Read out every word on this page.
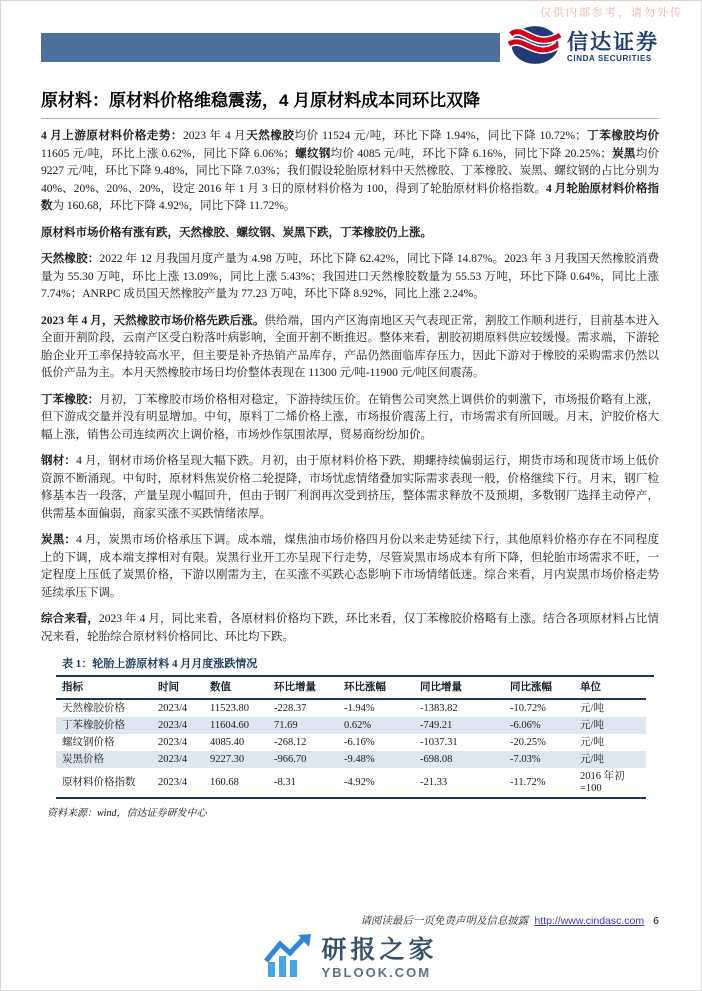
仅供内部参考，请勿外传
信达证券
CINDA SECURITIES
原材料：原材料价格维稳震荡，4 月原材料成本同环比双降

4 月上游原材料价格走势：2023 年 4 月天然橡胶均价 11524 元/吨，环比下降 1.94%，同比下降 10.72%；丁苯橡胶均价 11605 元/吨，环比上涨 0.62%，同比下降 6.06%；螺纹钢均价 4085 元/吨，环比下降 6.16%，同比下降 20.25%；炭黑均价 9227 元/吨，环比下降 9.48%，同比下降 7.03%；我们假设轮胎原材料中天然橡胶、丁苯橡胶、炭黑、螺纹钢的占比分别为 40%、20%、20%、20%，设定 2016 年 1 月 3 日的原材料价格为 100，得到了轮胎原材料价格指数。4 月轮胎原材料价格指数为 160.68，环比下降 4.92%，同比下降 11.72%。

原材料市场价格有涨有跌，天然橡胶、螺纹钢、炭黑下跌，丁苯橡胶仍上涨。

天然橡胶：2022 年 12 月我国月度产量为 4.98 万吨，环比下降 62.42%，同比下降 14.87%。2023 年 3 月我国天然橡胶消费量为 55.30 万吨，环比上涨 13.09%，同比上涨 5.43%；我国进口天然橡胶数量为 55.53 万吨，环比下降 0.64%，同比上涨 7.74%；ANRPC 成员国天然橡胶产量为 77.23 万吨，环比下降 8.92%，同比上涨 2.24%。

2023 年 4 月，天然橡胶市场价格先跌后涨。供给端，国内产区海南地区天气表现正常，割胶工作顺利进行，目前基本进入全面开割阶段，云南产区受白粉落叶病影响，全面开割不断推迟。整体来看，割胶初期原料供应较缓慢。需求端，下游轮胎企业开工率保持较高水平，但主要是补齐热销产品库存，产品仍然面临库存压力，因此下游对于橡胶的采购需求仍然以低价产品为主。本月天然橡胶市场日均价整体表现在 11300 元/吨-11900 元/吨区间震荡。

丁苯橡胶：月初，丁苯橡胶市场价格相对稳定，下游持续压价。在销售公司突然上调供价的刺激下，市场报价略有上涨，但下游成交量并没有明显增加。中旬，原料丁二烯价格上涨，市场报价震荡上行，市场需求有所回暖。月末，沪胶价格大幅上涨，销售公司连续两次上调价格，市场炒作氛围浓厚，贸易商纷纷加价。

钢材：4 月，钢材市场价格呈现大幅下跌。月初，由于原材料价格下跌，期螺持续偏弱运行，期货市场和现货市场上低价资源不断涌现。中旬时，原材料焦炭价格二轮提降，市场忧虑情绪叠加实际需求表现一般，价格继续下行。月末，钢厂检修基本告一段落，产量呈现小幅回升，但由于钢厂利润再次受到挤压，整体需求释放不及预期，多数钢厂选择主动停产，供需基本面偏弱，商家买涨不买跌情绪浓厚。

炭黑：4 月，炭黑市场价格承压下调。成本端，煤焦油市场价格四月份以来走势延续下行，其他原料价格亦存在不同程度上的下调，成本端支撑相对有限。炭黑行业开工亦呈现下行走势，尽管炭黑市场成本有所下降，但轮胎市场需求不旺，一定程度上压低了炭黑价格，下游以刚需为主，在买涨不买跌心态影响下市场情绪低迷。综合来看，月内炭黑市场价格走势延续承压下调。

综合来看，2023 年 4 月，同比来看，各原材料价格均下跌，环比来看，仅丁苯橡胶价格略有上涨。结合各项原材料占比情况来看，轮胎综合原材料价格同比、环比均下跌。

表 1：轮胎上游原材料 4 月月度涨跌情况
指标	时间	数值	环比增量	环比涨幅	同比增量	同比涨幅	单位
天然橡胶价格	2023/4	11523.80	-228.37	-1.94%	-1383.82	-10.72%	元/吨
丁苯橡胶价格	2023/4	11604.60	71.69	0.62%	-749.21	-6.06%	元/吨
螺纹钢价格	2023/4	4085.40	-268.12	-6.16%	-1037.31	-20.25%	元/吨
炭黑价格	2023/4	9227.30	-966.70	-9.48%	-698.08	-7.03%	元/吨
原材料价格指数	2023/4	160.68	-8.31	-4.92%	-21.33	-11.72%	2016 年初=100
资料来源：wind，信达证券研发中心
请阅读最后一页免责声明及信息披露 http://www.cindasc.com 6
研报之家
YBLOOK.COM
